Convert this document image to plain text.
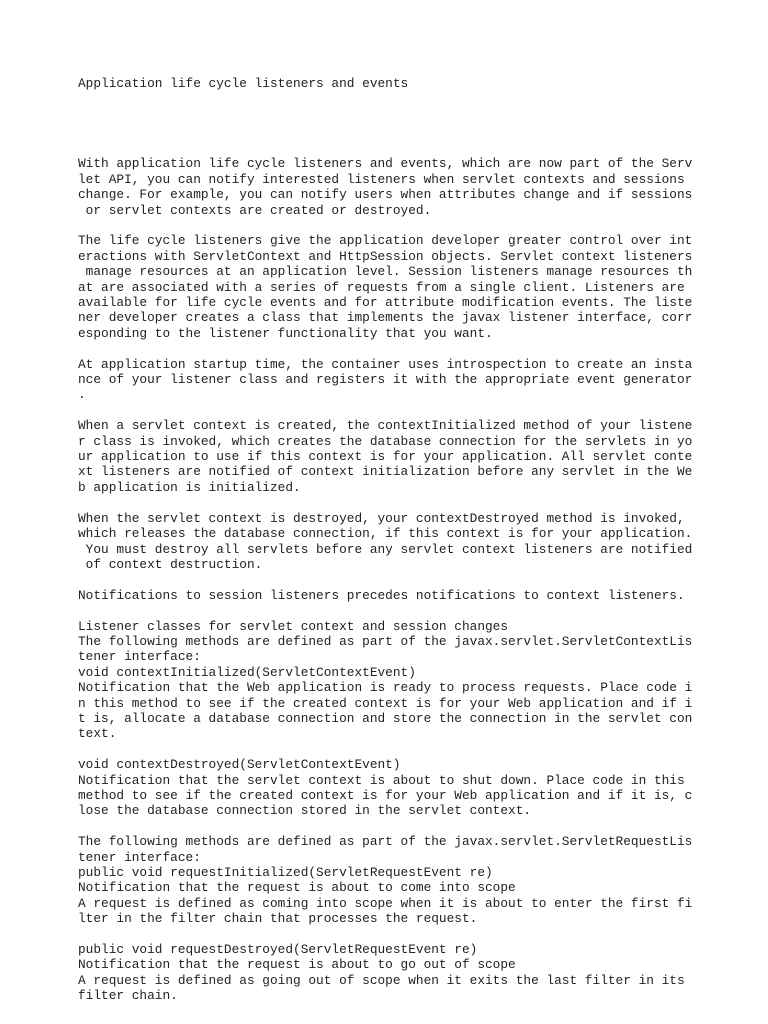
Application life cycle listeners and events
With application life cycle listeners and events, which are now part of the Serv
let API, you can notify interested listeners when servlet contexts and sessions
change. For example, you can notify users when attributes change and if sessions
or servlet contexts are created or destroyed.
The life cycle listeners give the application developer greater control over int
eractions with ServletContext and HttpSession objects. Servlet context listeners
manage resources at an application level. Session listeners manage resources th
at are associated with a series of requests from a single client. Listeners are
available for life cycle events and for attribute modification events. The liste
ner developer creates a class that implements the javax listener interface, corr
esponding to the listener functionality that you want.
At application startup time, the container uses introspection to create an insta
nce of your listener class and registers it with the appropriate event generator
.
When a servlet context is created, the contextInitialized method of your listene
r class is invoked, which creates the database connection for the servlets in yo
ur application to use if this context is for your application. All servlet conte
xt listeners are notified of context initialization before any servlet in the We
b application is initialized.
When the servlet context is destroyed, your contextDestroyed method is invoked,
which releases the database connection, if this context is for your application.
You must destroy all servlets before any servlet context listeners are notified
of context destruction.
Notifications to session listeners precedes notifications to context listeners.
Listener classes for servlet context and session changes
The following methods are defined as part of the javax.servlet.ServletContextLis
tener interface:
void contextInitialized(ServletContextEvent)
Notification that the Web application is ready to process requests. Place code i
n this method to see if the created context is for your Web application and if i
t is, allocate a database connection and store the connection in the servlet con
text.
void contextDestroyed(ServletContextEvent)
Notification that the servlet context is about to shut down. Place code in this
method to see if the created context is for your Web application and if it is, c
lose the database connection stored in the servlet context.
The following methods are defined as part of the javax.servlet.ServletRequestLis
tener interface:
public void requestInitialized(ServletRequestEvent re)
Notification that the request is about to come into scope
A request is defined as coming into scope when it is about to enter the first fi
lter in the filter chain that processes the request.
public void requestDestroyed(ServletRequestEvent re)
Notification that the request is about to go out of scope
A request is defined as going out of scope when it exits the last filter in its
filter chain.
